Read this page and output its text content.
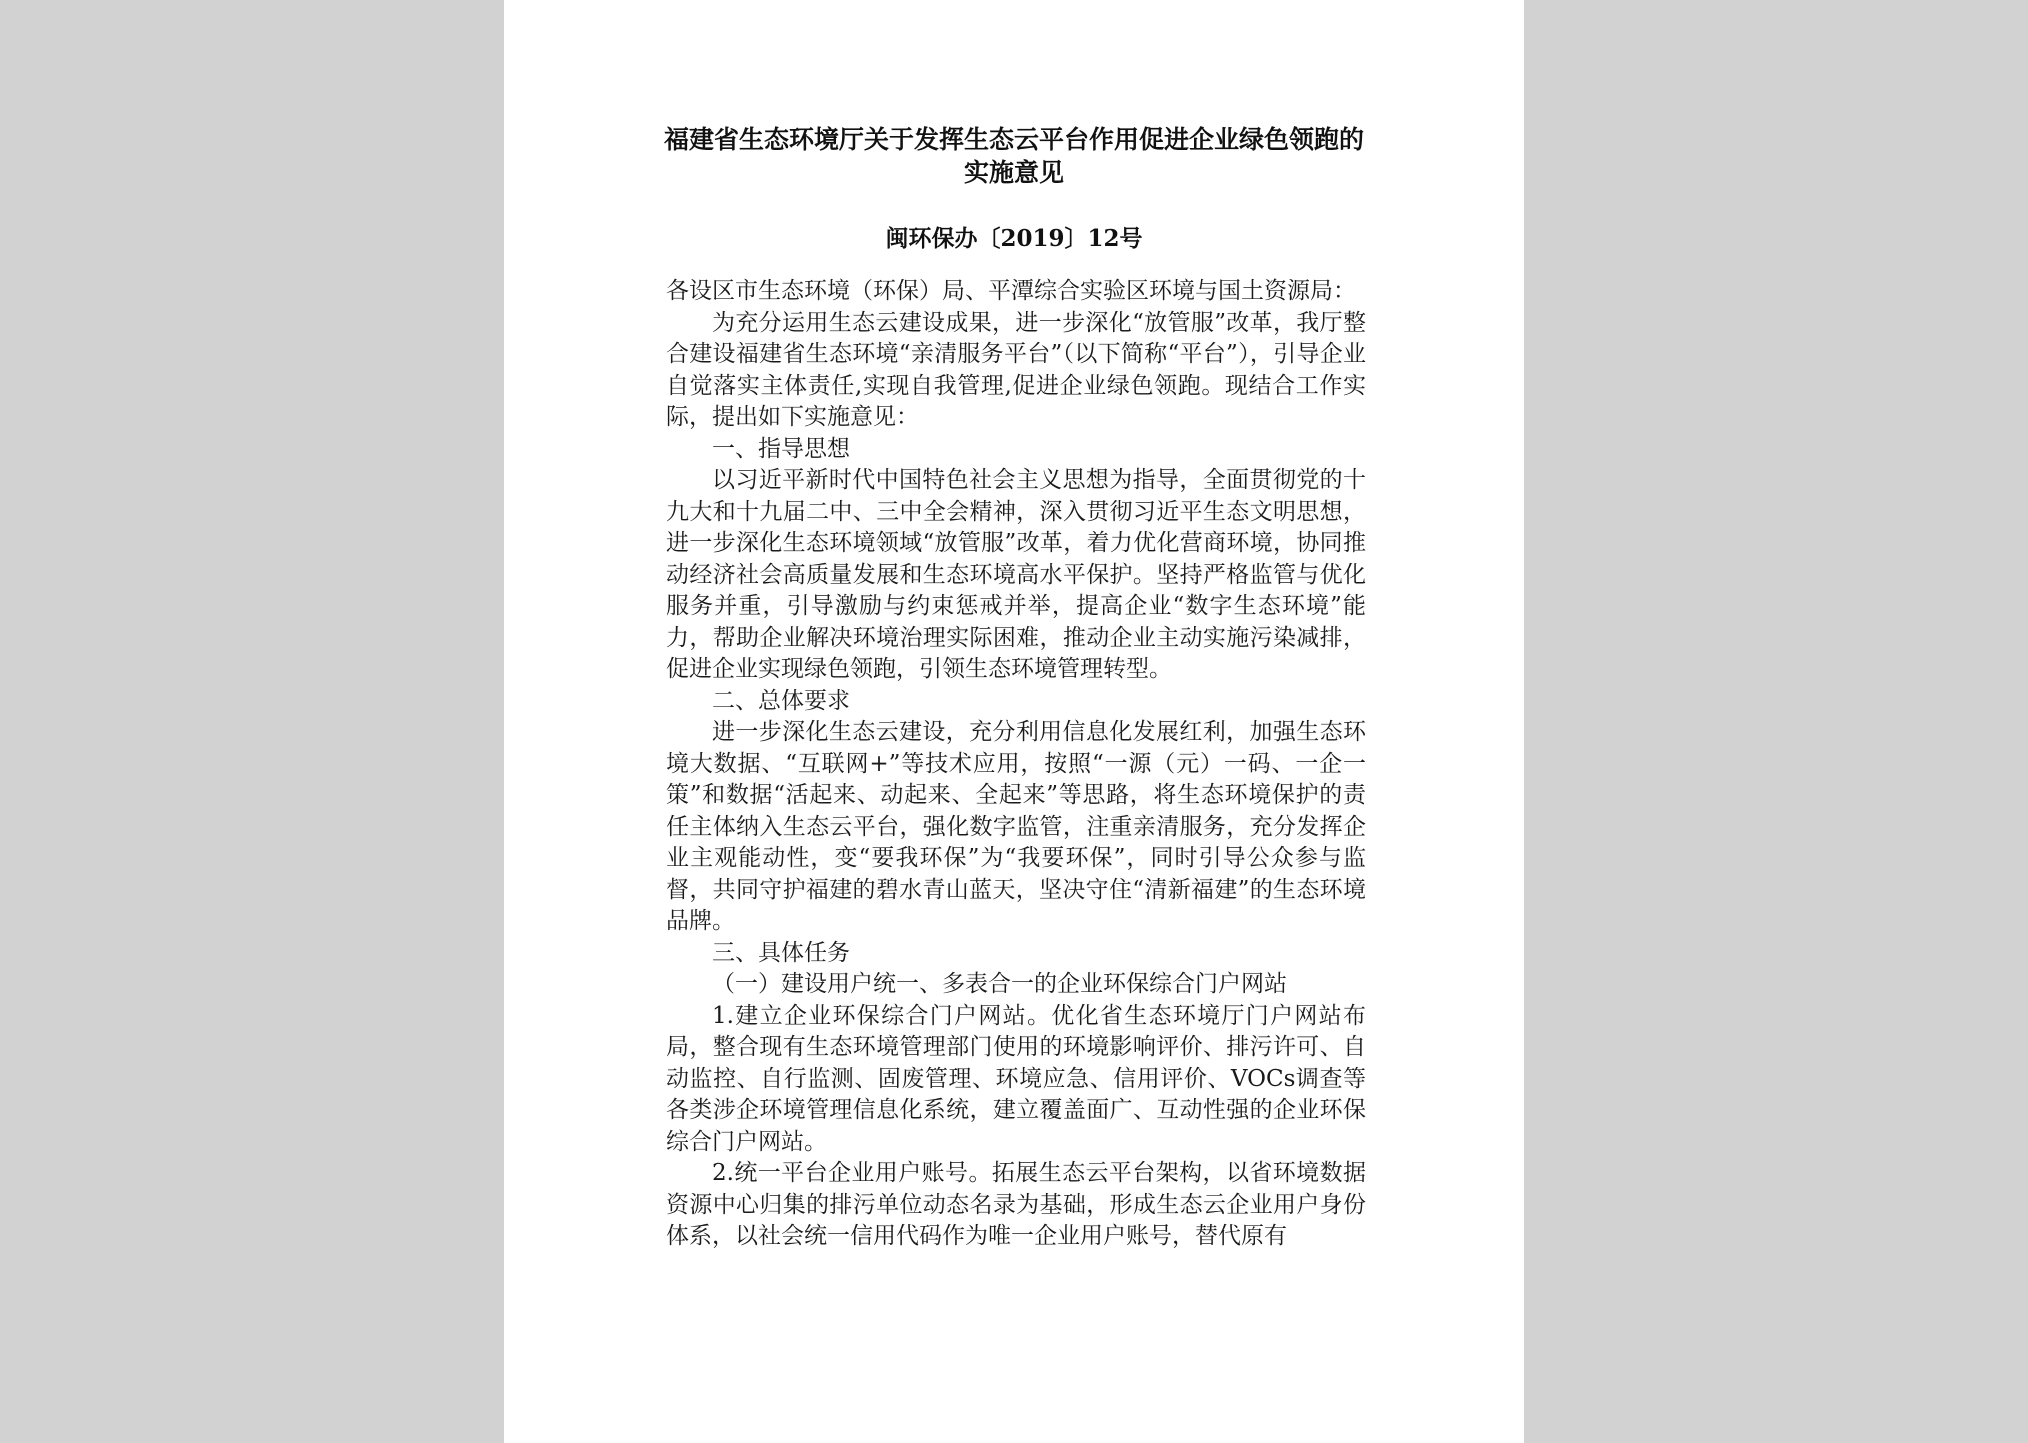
福建省生态环境厅关于发挥生态云平台作用促进企业绿色领跑的实施意见
闽环保办〔2019〕12号

各设区市生态环境（环保）局、平潭综合实验区环境与国土资源局：

为充分运用生态云建设成果，进一步深化“放管服”改革，我厅整合建设福建省生态环境“亲清服务平台”（以下简称“平台”），引导企业自觉落实主体责任,实现自我管理,促进企业绿色领跑。现结合工作实际，提出如下实施意见：

一、指导思想

以习近平新时代中国特色社会主义思想为指导，全面贯彻党的十九大和十九届二中、三中全会精神，深入贯彻习近平生态文明思想，进一步深化生态环境领域“放管服”改革，着力优化营商环境，协同推动经济社会高质量发展和生态环境高水平保护。坚持严格监管与优化服务并重，引导激励与约束惩戒并举，提高企业“数字生态环境”能力，帮助企业解决环境治理实际困难，推动企业主动实施污染减排，促进企业实现绿色领跑，引领生态环境管理转型。

二、总体要求

进一步深化生态云建设，充分利用信息化发展红利，加强生态环境大数据、“互联网+”等技术应用，按照“一源（元）一码、一企一策”和数据“活起来、动起来、全起来”等思路，将生态环境保护的责任主体纳入生态云平台，强化数字监管，注重亲清服务，充分发挥企业主观能动性，变“要我环保”为“我要环保”，同时引导公众参与监督，共同守护福建的碧水青山蓝天，坚决守住“清新福建”的生态环境品牌。

三、具体任务

（一）建设用户统一、多表合一的企业环保综合门户网站

1.建立企业环保综合门户网站。优化省生态环境厅门户网站布局，整合现有生态环境管理部门使用的环境影响评价、排污许可、自动监控、自行监测、固废管理、环境应急、信用评价、VOCs调查等各类涉企环境管理信息化系统，建立覆盖面广、互动性强的企业环保综合门户网站。

2.统一平台企业用户账号。拓展生态云平台架构，以省环境数据资源中心归集的排污单位动态名录为基础，形成生态云企业用户身份体系，以社会统一信用代码作为唯一企业用户账号，替代原有
